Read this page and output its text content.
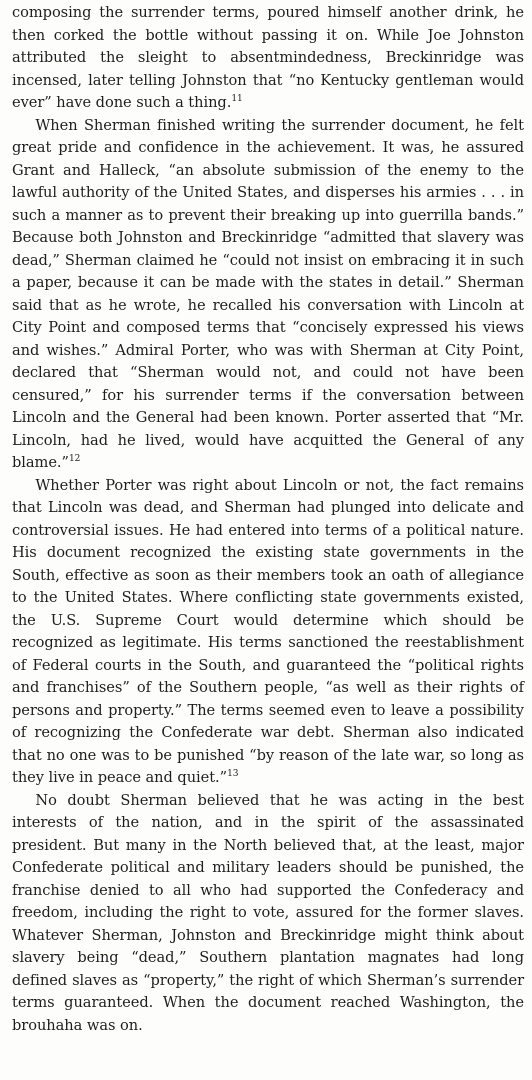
composing the surrender terms, poured himself another drink, he then corked the bottle without passing it on. While Joe Johnston attributed the sleight to absentmindedness, Breckinridge was incensed, later telling Johnston that “no Kentucky gentleman would ever” have done such a thing.$^{11}$

When Sherman finished writing the surrender document, he felt great pride and confidence in the achievement. It was, he assured Grant and Halleck, “an absolute submission of the enemy to the lawful authority of the United States, and disperses his armies . . . in such a manner as to prevent their breaking up into guerrilla bands.” Because both Johnston and Breckinridge “admitted that slavery was dead,” Sherman claimed he “could not insist on embracing it in such a paper, because it can be made with the states in detail.” Sherman said that as he wrote, he recalled his conversation with Lincoln at City Point and composed terms that “concisely expressed his views and wishes.” Admiral Porter, who was with Sherman at City Point, declared that “Sherman would not, and could not have been censured,” for his surrender terms if the conversation between Lincoln and the General had been known. Porter asserted that “Mr. Lincoln, had he lived, would have acquitted the General of any blame.”$^{12}$

Whether Porter was right about Lincoln or not, the fact remains that Lincoln was dead, and Sherman had plunged into delicate and controversial issues. He had entered into terms of a political nature. His document recognized the existing state governments in the South, effective as soon as their members took an oath of allegiance to the United States. Where conflicting state governments existed, the U.S. Supreme Court would determine which should be recognized as legitimate. His terms sanctioned the reestablishment of Federal courts in the South, and guaranteed the “political rights and franchises” of the Southern people, “as well as their rights of persons and property.” The terms seemed even to leave a possibility of recognizing the Confederate war debt. Sherman also indicated that no one was to be punished “by reason of the late war, so long as they live in peace and quiet.”$^{13}$

No doubt Sherman believed that he was acting in the best interests of the nation, and in the spirit of the assassinated president. But many in the North believed that, at the least, major Confederate political and military leaders should be punished, the franchise denied to all who had supported the Confederacy and freedom, including the right to vote, assured for the former slaves. Whatever Sherman, Johnston and Breckinridge might think about slavery being “dead,” Southern plantation magnates had long defined slaves as “property,” the right of which Sherman’s surrender terms guaranteed. When the document reached Washington, the brouhaha was on.
